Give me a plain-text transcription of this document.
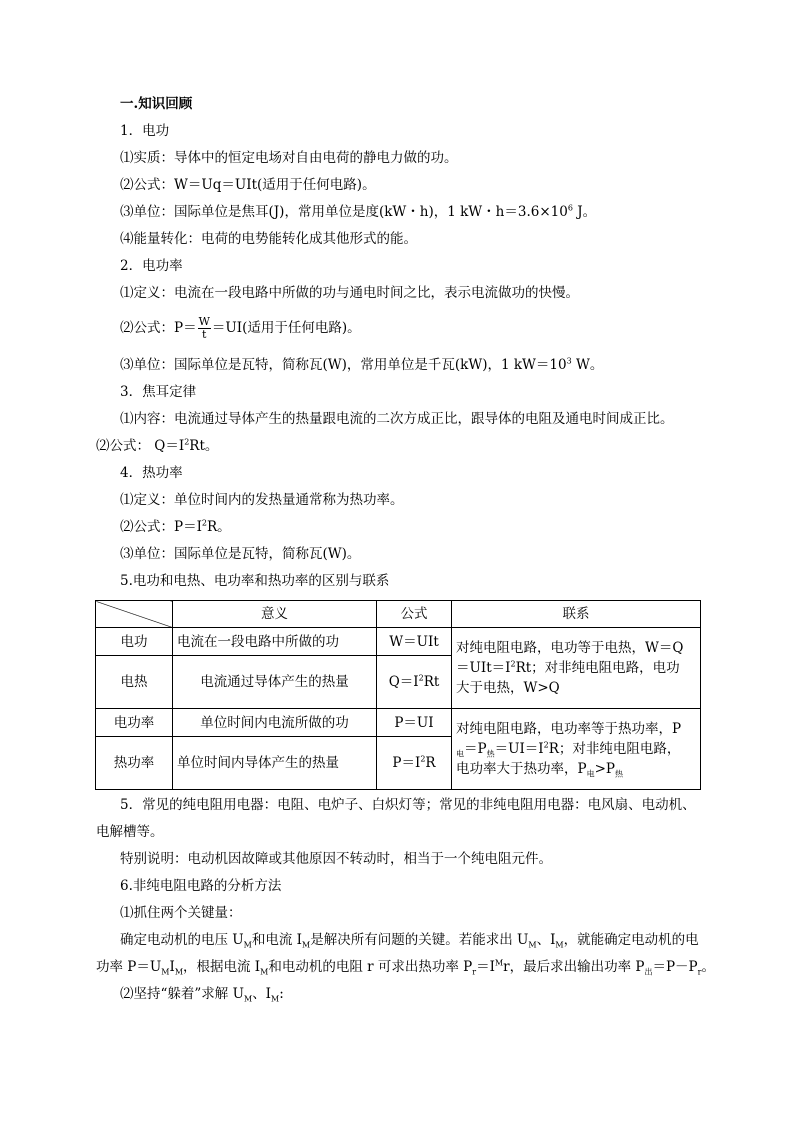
一.知识回顾
1．电功
⑴实质：导体中的恒定电场对自由电荷的静电力做的功。
⑵公式：W＝Uq＝UIt(适用于任何电路)。
⑶单位：国际单位是焦耳(J)，常用单位是度(kW・h)，1 kW・$h=3.6\times 10^6$ J。
⑷能量转化：电荷的电势能转化成其他形式的能。
2．电功率
⑴定义：电流在一段电路中所做的功与通电时间之比，表示电流做功的快慢。
⑵公式：$P= \frac{W}{t} =UI$(适用于任何电路)。
⑶单位：国际单位是瓦特，简称瓦(W)，常用单位是千瓦(kW)，1 $kW=10^3$ W。
3．焦耳定律
⑴内容：电流通过导体产生的热量跟电流的二次方成正比，跟导体的电阻及通电时间成正比。
⑵公式： $Q=I^2Rt$。
4．热功率
⑴定义：单位时间内的发热量通常称为热功率。
⑵公式：$P=I^2R$。
⑶单位：国际单位是瓦特，简称瓦(W)。
5.电功和电热、电功率和热功率的区别与联系
	意义	公式	联系
电功	电流在一段电路中所做的功	W＝UIt	对纯电阻电路，电功等于电热，W＝Q
$=UIt=I^2Rt$；对非纯电阻电路，电功
大于电热，W>Q

电热	电流通过导体产生的热量	$Q=I^2Rt$	
电功率	单位时间内电流所做的功	P＝UI	对纯电阻电路，电功率等于热功率，P
$_电=P_热=UI=I^2R$；对非纯电阻电路，
电功率大于热功率，$P_电>P_热$

热功率	单位时间内导体产生的热量	$P=I^2R$	
5．常见的纯电阻用电器：电阻、电炉子、白炽灯等；常见的非纯电阻用电器：电风扇、电动机、
电解槽等。
特别说明：电动机因故障或其他原因不转动时，相当于一个纯电阻元件。
6.非纯电阻电路的分析方法
⑴抓住两个关键量：
确定电动机的电压 $U_M$和电流 $I_M$是解决所有问题的关键。若能求出 $U_M$、$I_M$，就能确定电动机的电
功率 $P=U_MI_M$，根据电流 $I_M$和电动机的电阻 r 可求出热功率 $P_r=I^Mr$，最后求出输出功率 $P_出=P-P_r$。
⑵坚持“躲着”求解 $U_M$、$I_M$:
